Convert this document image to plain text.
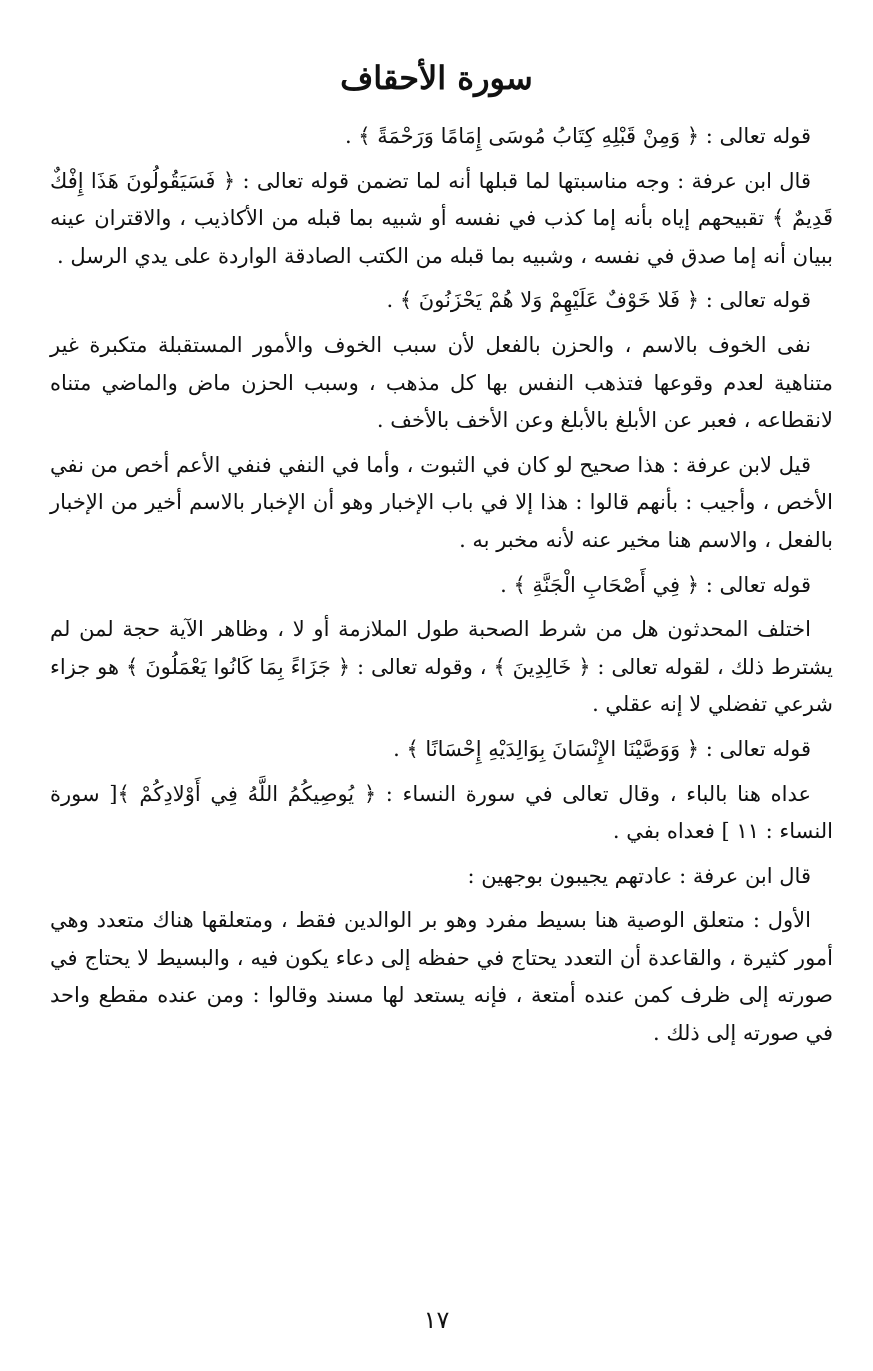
سورة الأحقاف

قوله تعالى : ﴿ وَمِنْ قَبْلِهِ كِتَابُ مُوسَى إِمَامًا وَرَحْمَةً ﴾ .

قال ابن عرفة : وجه مناسبتها لما قبلها أنه لما تضمن قوله تعالى : ﴿ فَسَيَقُولُونَ هَذَا إِفْكٌ قَدِيمٌ ﴾ تقبيحهم إياه بأنه إما كذب في نفسه أو شبيه بما قبله من الأكاذيب ، والاقتران عينه ببيان أنه إما صدق في نفسه ، وشبيه بما قبله من الكتب الصادقة الواردة على يدي الرسل .

قوله تعالى : ﴿ فَلا خَوْفٌ عَلَيْهِمْ وَلا هُمْ يَحْزَنُونَ ﴾ .

نفى الخوف بالاسم ، والحزن بالفعل لأن سبب الخوف والأمور المستقبلة متكبرة غير متناهية لعدم وقوعها فتذهب النفس بها كل مذهب ، وسبب الحزن ماض والماضي متناه لانقطاعه ، فعبر عن الأبلغ بالأبلغ وعن الأخف بالأخف .

قيل لابن عرفة : هذا صحيح لو كان في الثبوت ، وأما في النفي فنفي الأعم أخص من نفي الأخص ، وأجيب : بأنهم قالوا : هذا إلا في باب الإخبار وهو أن الإخبار بالاسم أخير من الإخبار بالفعل ، والاسم هنا مخير عنه لأنه مخبر به .

قوله تعالى : ﴿ فِي أَصْحَابِ الْجَنَّةِ ﴾ .

اختلف المحدثون هل من شرط الصحبة طول الملازمة أو لا ، وظاهر الآية حجة لمن لم يشترط ذلك ، لقوله تعالى : ﴿ خَالِدِينَ ﴾ ، وقوله تعالى : ﴿ جَزَاءً بِمَا كَانُوا يَعْمَلُونَ ﴾ هو جزاء شرعي تفضلي لا إنه عقلي .

قوله تعالى : ﴿ وَوَصَّيْنَا الإِنْسَانَ بِوَالِدَيْهِ إِحْسَانًا ﴾ .

عداه هنا بالباء ، وقال تعالى في سورة النساء : ﴿ يُوصِيكُمُ اللَّهُ فِي أَوْلادِكُمْ ﴾[ سورة النساء : ١١ ] فعداه بفي .

قال ابن عرفة : عادتهم يجيبون بوجهين :

الأول : متعلق الوصية هنا بسيط مفرد وهو بر الوالدين فقط ، ومتعلقها هناك متعدد وهي أمور كثيرة ، والقاعدة أن التعدد يحتاج في حفظه إلى دعاء يكون فيه ، والبسيط لا يحتاج في صورته إلى ظرف كمن عنده أمتعة ، فإنه يستعد لها مسند وقالوا : ومن عنده مقطع واحد في صورته إلى ذلك .

١٧
